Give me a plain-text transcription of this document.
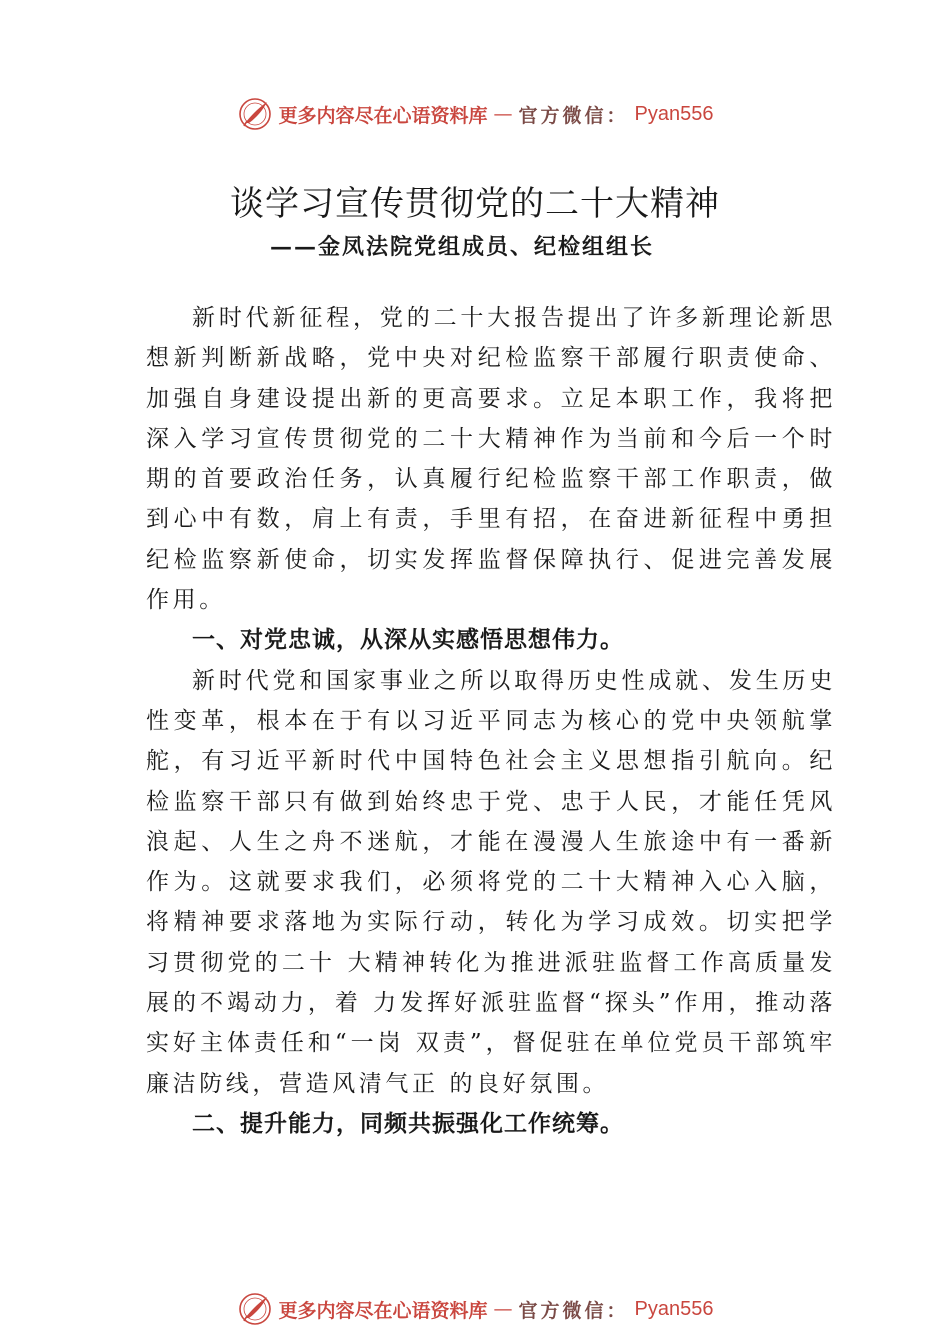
更多内容尽在心语资料库 — 官方微信： Pyan556
谈学习宣传贯彻党的二十大精神
——金凤法院党组成员、纪检组组长

新时代新征程，党的二十大报告提出了许多新理论新思想新判断新战略，党中央对纪检监察干部履行职责使命、加强自身建设提出新的更高要求。立足本职工作，我将把深入学习宣传贯彻党的二十大精神作为当前和今后一个时期的首要政治任务，认真履行纪检监察干部工作职责，做到心中有数，肩上有责，手里有招，在奋进新征程中勇担纪检监察新使命，切实发挥监督保障执行、促进完善发展作用。

一、对党忠诚，从深从实感悟思想伟力。

新时代党和国家事业之所以取得历史性成就、发生历史性变革，根本在于有以习近平同志为核心的党中央领航掌舵，有习近平新时代中国特色社会主义思想指引航向。纪检监察干部只有做到始终忠于党、忠于人民，才能任凭风浪起、人生之舟不迷航，才能在漫漫人生旅途中有一番新作为。这就要求我们，必须将党的二十大精神入心入脑，将精神要求落地为实际行动，转化为学习成效。切实把学习贯彻党的二十 大精神转化为推进派驻监督工作高质量发展的不竭动力，着 力发挥好派驻监督“探头”作用，推动落实好主体责任和“一岗 双责”，督促驻在单位党员干部筑牢廉洁防线，营造风清气正 的良好氛围。

二、提升能力，同频共振强化工作统筹。

更多内容尽在心语资料库 — 官方微信： Pyan556
